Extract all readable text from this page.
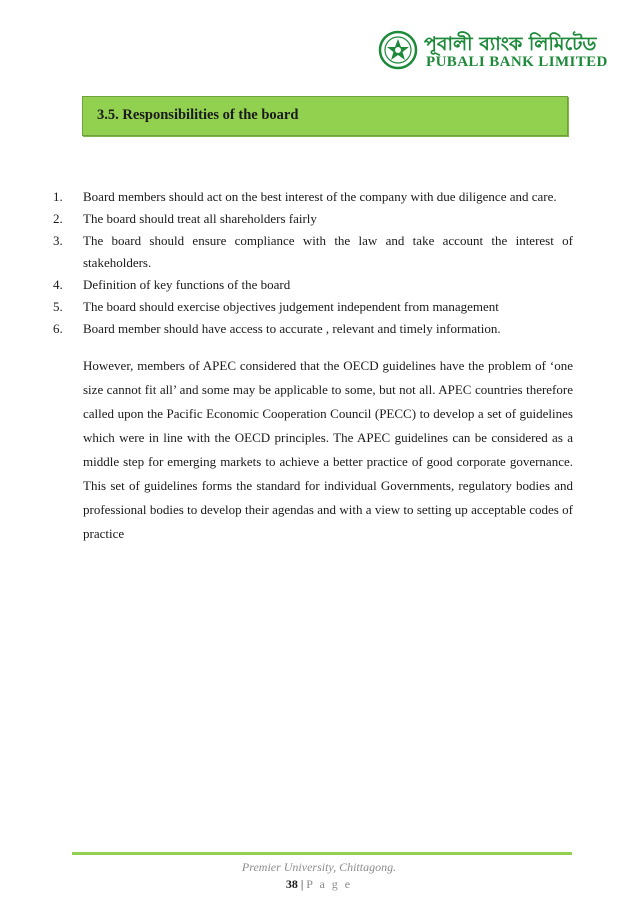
পূবালী ব্যাংক লিমিটেড
PUBALI BANK LIMITED
3.5. Responsibilities of the board
1. Board members should act on the best interest of the company with due diligence and care.
2. The board should treat all shareholders fairly
3. The board should ensure compliance with the law and take account the interest of
stakeholders.
4. Definition of key functions of the board
5. The board should exercise objectives judgement independent from management
6. Board member should have access to accurate , relevant and timely information.
However, members of APEC considered that the OECD guidelines have the problem of ‘one size cannot fit all’ and some may be applicable to some, but not all. APEC countries therefore called upon the Pacific Economic Cooperation Council (PECC) to develop a set of guidelines which were in line with the OECD principles. The APEC guidelines can be considered as a middle step for emerging markets to achieve a better practice of good corporate governance. This set of guidelines forms the standard for individual Governments, regulatory bodies and professional bodies to develop their agendas and with a view to setting up acceptable codes of practice
Premier University, Chittagong.
38 | P a g e
